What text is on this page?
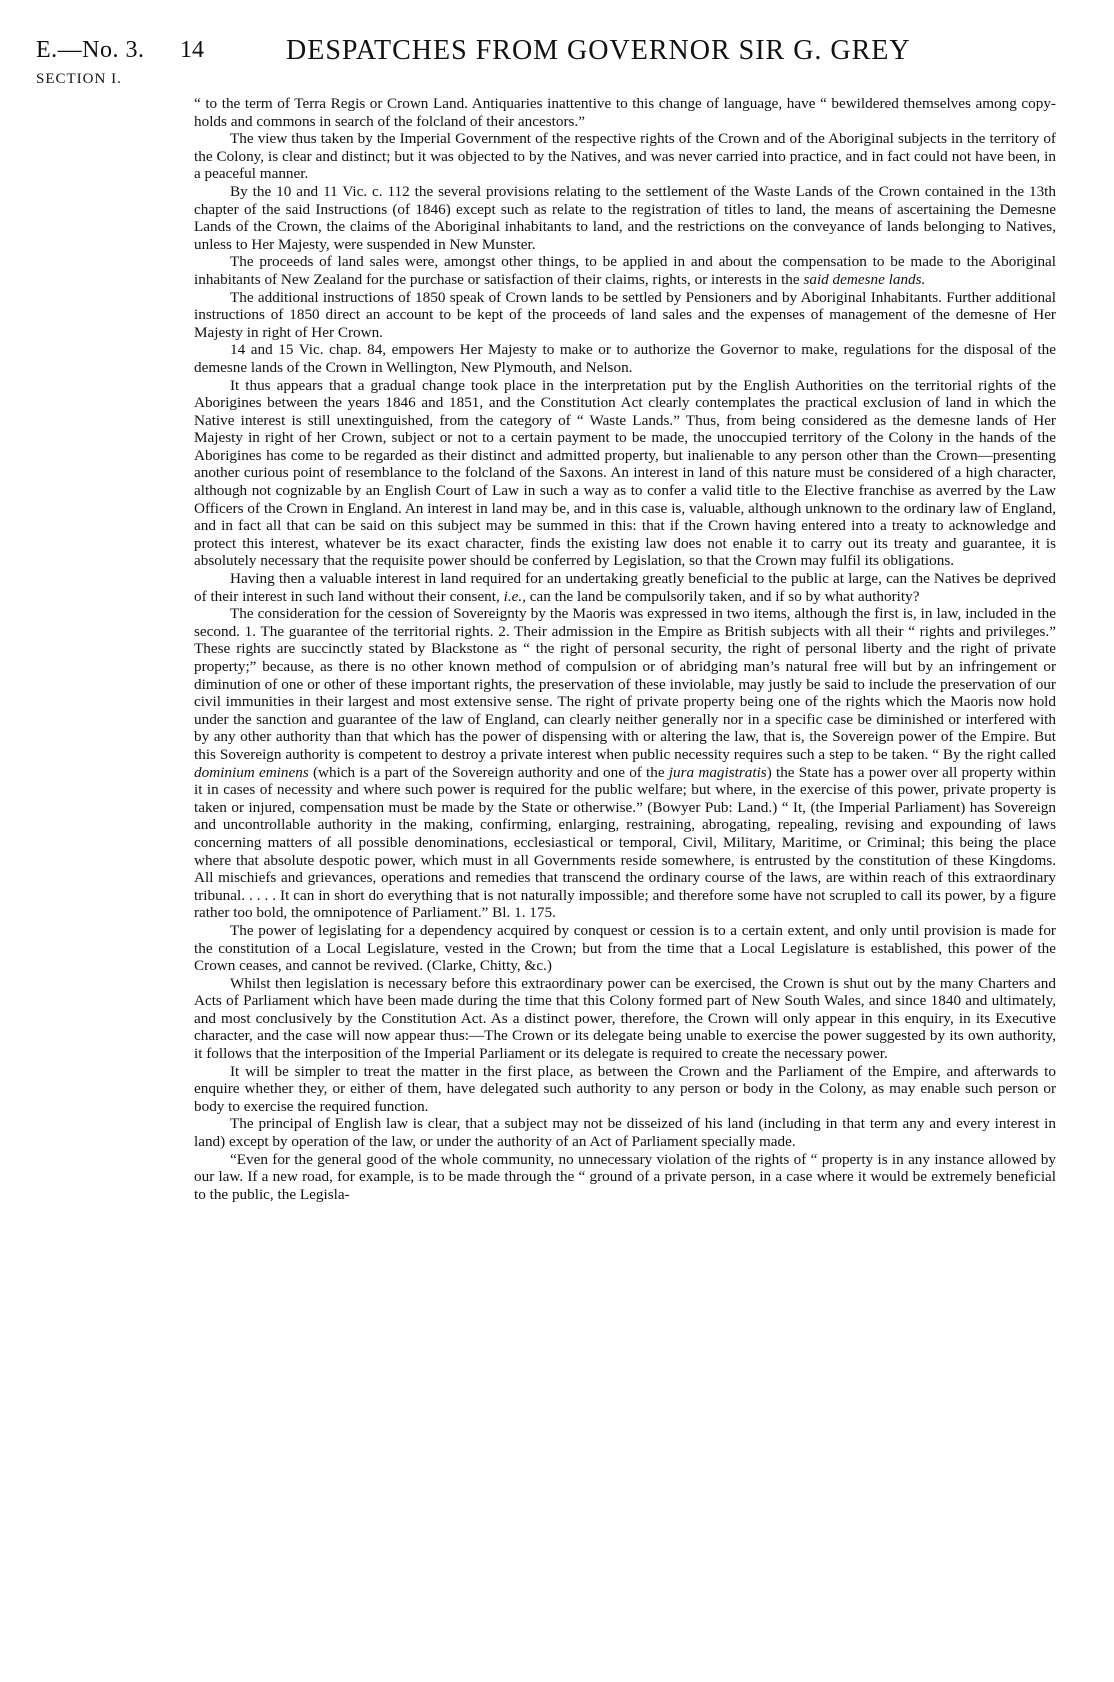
E.—No. 3.
SECTION I.
14	DESPATCHES FROM GOVERNOR SIR G. GREY

“ to the term of Terra Regis or Crown Land. Antiquaries inattentive to this change of language, have “ bewildered themselves among copy-holds and commons in search of the folcland of their ancestors.”

The view thus taken by the Imperial Government of the respective rights of the Crown and of the Aboriginal subjects in the territory of the Colony, is clear and distinct; but it was objected to by the Natives, and was never carried into practice, and in fact could not have been, in a peaceful manner.

By the 10 and 11 Vic. c. 112 the several provisions relating to the settlement of the Waste Lands of the Crown contained in the 13th chapter of the said Instructions (of 1846) except such as relate to the registration of titles to land, the means of ascertaining the Demesne Lands of the Crown, the claims of the Aboriginal inhabitants to land, and the restrictions on the conveyance of lands belonging to Natives, unless to Her Majesty, were suspended in New Munster.

The proceeds of land sales were, amongst other things, to be applied in and about the compensation to be made to the Aboriginal inhabitants of New Zealand for the purchase or satisfaction of their claims, rights, or interests in the said demesne lands.

The additional instructions of 1850 speak of Crown lands to be settled by Pensioners and by Aboriginal Inhabitants. Further additional instructions of 1850 direct an account to be kept of the proceeds of land sales and the expenses of management of the demesne of Her Majesty in right of Her Crown.

14 and 15 Vic. chap. 84, empowers Her Majesty to make or to authorize the Governor to make, regulations for the disposal of the demesne lands of the Crown in Wellington, New Plymouth, and Nelson.

It thus appears that a gradual change took place in the interpretation put by the English Authorities on the territorial rights of the Aborigines between the years 1846 and 1851, and the Constitution Act clearly contemplates the practical exclusion of land in which the Native interest is still unextinguished, from the category of “ Waste Lands.” Thus, from being considered as the demesne lands of Her Majesty in right of her Crown, subject or not to a certain payment to be made, the unoccupied territory of the Colony in the hands of the Aborigines has come to be regarded as their distinct and admitted property, but inalienable to any person other than the Crown—presenting another curious point of resemblance to the folcland of the Saxons. An interest in land of this nature must be considered of a high character, although not cognizable by an English Court of Law in such a way as to confer a valid title to the Elective franchise as averred by the Law Officers of the Crown in England. An interest in land may be, and in this case is, valuable, although unknown to the ordinary law of England, and in fact all that can be said on this subject may be summed in this: that if the Crown having entered into a treaty to acknowledge and protect this interest, whatever be its exact character, finds the existing law does not enable it to carry out its treaty and guarantee, it is absolutely necessary that the requisite power should be conferred by Legislation, so that the Crown may fulfil its obligations.

Having then a valuable interest in land required for an undertaking greatly beneficial to the public at large, can the Natives be deprived of their interest in such land without their consent, i.e., can the land be compulsorily taken, and if so by what authority?

The consideration for the cession of Sovereignty by the Maoris was expressed in two items, although the first is, in law, included in the second. 1. The guarantee of the territorial rights. 2. Their admission in the Empire as British subjects with all their “ rights and privileges.” These rights are succinctly stated by Blackstone as “ the right of personal security, the right of personal liberty and the right of private property;” because, as there is no other known method of compulsion or of abridging man’s natural free will but by an infringement or diminution of one or other of these important rights, the preservation of these inviolable, may justly be said to include the preservation of our civil immunities in their largest and most extensive sense. The right of private property being one of the rights which the Maoris now hold under the sanction and guarantee of the law of England, can clearly neither generally nor in a specific case be diminished or interfered with by any other authority than that which has the power of dispensing with or altering the law, that is, the Sovereign power of the Empire. But this Sovereign authority is competent to destroy a private interest when public necessity requires such a step to be taken. “ By the right called dominium eminens (which is a part of the Sovereign authority and one of the jura magistratis) the State has a power over all property within it in cases of necessity and where such power is required for the public welfare; but where, in the exercise of this power, private property is taken or injured, compensation must be made by the State or otherwise.” (Bowyer Pub: Land.) “ It, (the Imperial Parliament) has Sovereign and uncontrollable authority in the making, confirming, enlarging, restraining, abrogating, repealing, revising and expounding of laws concerning matters of all possible denominations, ecclesiastical or temporal, Civil, Military, Maritime, or Criminal; this being the place where that absolute despotic power, which must in all Governments reside somewhere, is entrusted by the constitution of these Kingdoms. All mischiefs and grievances, operations and remedies that transcend the ordinary course of the laws, are within reach of this extraordinary tribunal. . . . . It can in short do everything that is not naturally impossible; and therefore some have not scrupled to call its power, by a figure rather too bold, the omnipotence of Parliament.” Bl. 1. 175.

The power of legislating for a dependency acquired by conquest or cession is to a certain extent, and only until provision is made for the constitution of a Local Legislature, vested in the Crown; but from the time that a Local Legislature is established, this power of the Crown ceases, and cannot be revived. (Clarke, Chitty, &c.)

Whilst then legislation is necessary before this extraordinary power can be exercised, the Crown is shut out by the many Charters and Acts of Parliament which have been made during the time that this Colony formed part of New South Wales, and since 1840 and ultimately, and most conclusively by the Constitution Act. As a distinct power, therefore, the Crown will only appear in this enquiry, in its Executive character, and the case will now appear thus:—The Crown or its delegate being unable to exercise the power suggested by its own authority, it follows that the interposition of the Imperial Parliament or its delegate is required to create the necessary power.

It will be simpler to treat the matter in the first place, as between the Crown and the Parliament of the Empire, and afterwards to enquire whether they, or either of them, have delegated such authority to any person or body in the Colony, as may enable such person or body to exercise the required function.

The principal of English law is clear, that a subject may not be disseized of his land (including in that term any and every interest in land) except by operation of the law, or under the authority of an Act of Parliament specially made.

“Even for the general good of the whole community, no unnecessary violation of the rights of “ property is in any instance allowed by our law. If a new road, for example, is to be made through the “ ground of a private person, in a case where it would be extremely beneficial to the public, the Legisla-
